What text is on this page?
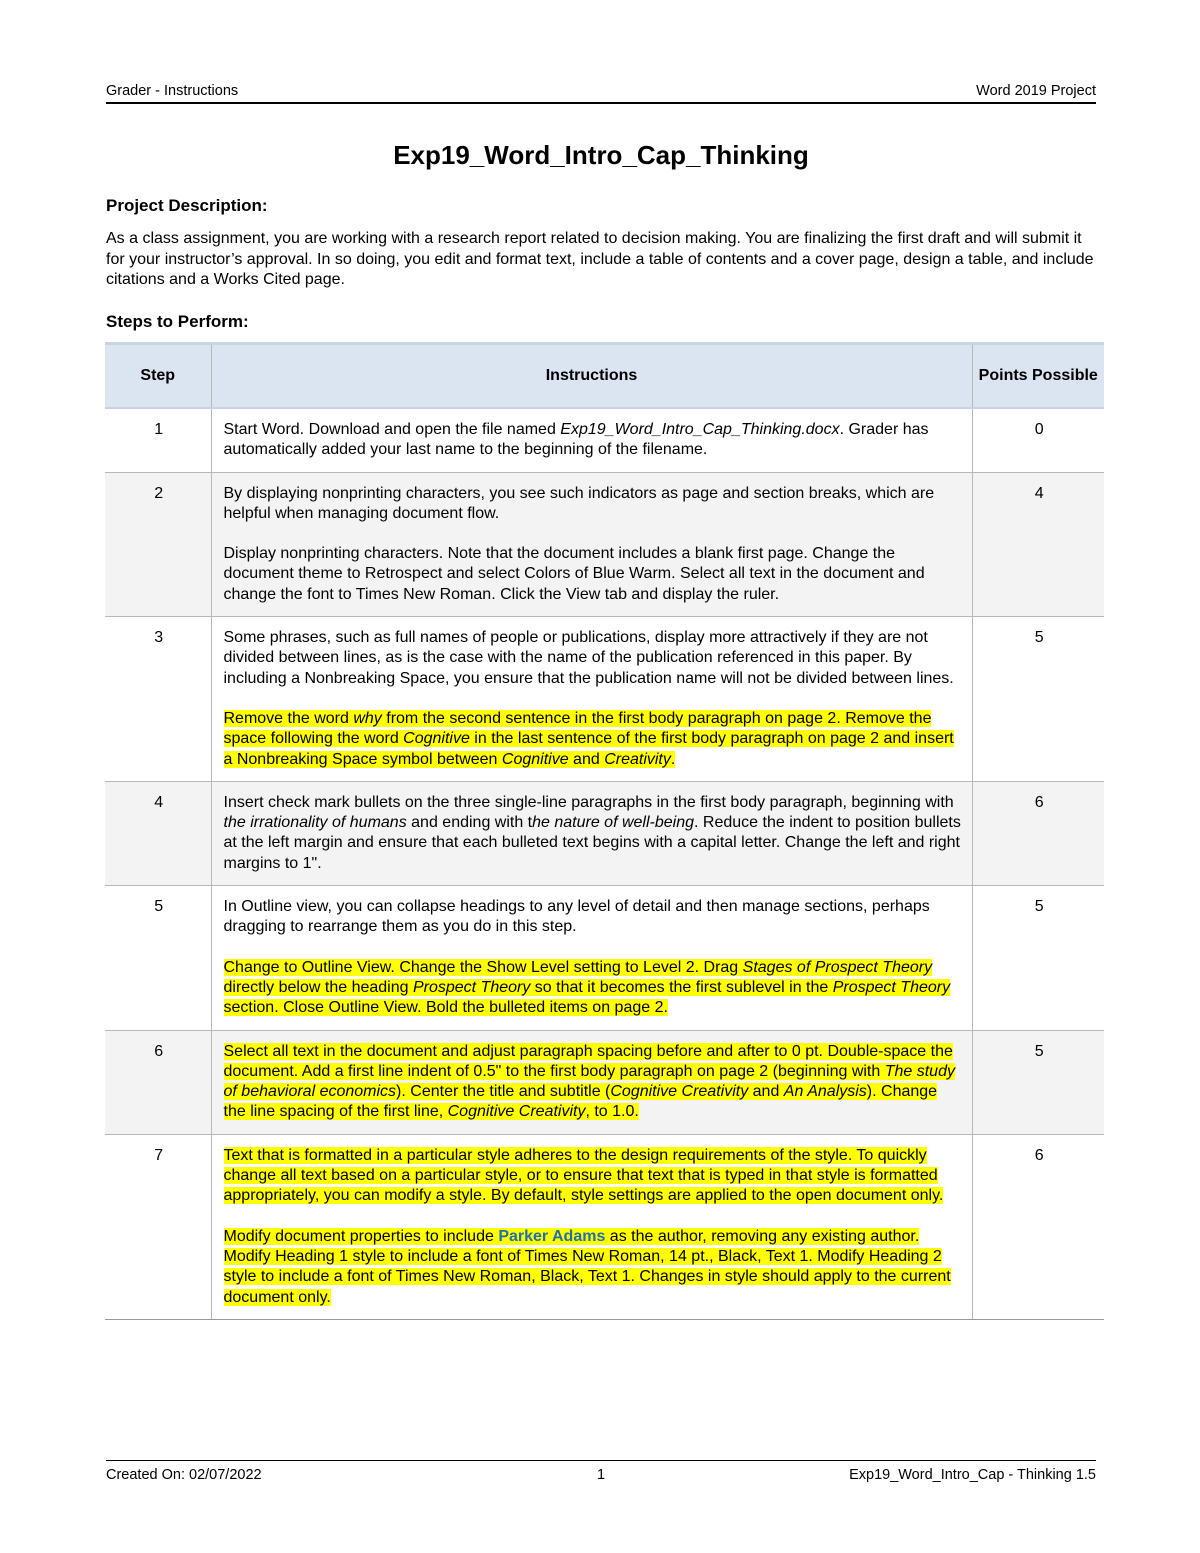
Grader - Instructions	Word 2019 Project
Exp19_Word_Intro_Cap_Thinking
Project Description:
As a class assignment, you are working with a research report related to decision making. You are finalizing the first draft and will submit it for your instructor’s approval. In so doing, you edit and format text, include a table of contents and a cover page, design a table, and include citations and a Works Cited page.
Steps to Perform:
Step	Instructions	Points Possible
1	Start Word. Download and open the file named Exp19_Word_Intro_Cap_Thinking.docx. Grader has automatically added your last name to the beginning of the filename.	0
2	By displaying nonprinting characters, you see such indicators as page and section breaks, which are helpful when managing document flow.

Display nonprinting characters. Note that the document includes a blank first page. Change the document theme to Retrospect and select Colors of Blue Warm. Select all text in the document and change the font to Times New Roman. Click the View tab and display the ruler.	4
3	Some phrases, such as full names of people or publications, display more attractively if they are not divided between lines, as is the case with the name of the publication referenced in this paper. By including a Nonbreaking Space, you ensure that the publication name will not be divided between lines.

Remove the word why from the second sentence in the first body paragraph on page 2. Remove the space following the word Cognitive in the last sentence of the first body paragraph on page 2 and insert a Nonbreaking Space symbol between Cognitive and Creativity.	5
4	Insert check mark bullets on the three single-line paragraphs in the first body paragraph, beginning with the irrationality of humans and ending with the nature of well-being. Reduce the indent to position bullets at the left margin and ensure that each bulleted text begins with a capital letter. Change the left and right margins to 1".	6
5	In Outline view, you can collapse headings to any level of detail and then manage sections, perhaps dragging to rearrange them as you do in this step.

Change to Outline View. Change the Show Level setting to Level 2. Drag Stages of Prospect Theory directly below the heading Prospect Theory so that it becomes the first sublevel in the Prospect Theory section. Close Outline View. Bold the bulleted items on page 2.	5
6	Select all text in the document and adjust paragraph spacing before and after to 0 pt. Double-space the document. Add a first line indent of 0.5" to the first body paragraph on page 2 (beginning with The study of behavioral economics). Center the title and subtitle (Cognitive Creativity and An Analysis). Change the line spacing of the first line, Cognitive Creativity, to 1.0.	5
7	Text that is formatted in a particular style adheres to the design requirements of the style. To quickly change all text based on a particular style, or to ensure that text that is typed in that style is formatted appropriately, you can modify a style. By default, style settings are applied to the open document only.

Modify document properties to include Parker Adams as the author, removing any existing author. Modify Heading 1 style to include a font of Times New Roman, 14 pt., Black, Text 1. Modify Heading 2 style to include a font of Times New Roman, Black, Text 1. Changes in style should apply to the current document only.	6
Created On: 02/07/2022	1	Exp19_Word_Intro_Cap - Thinking 1.5
